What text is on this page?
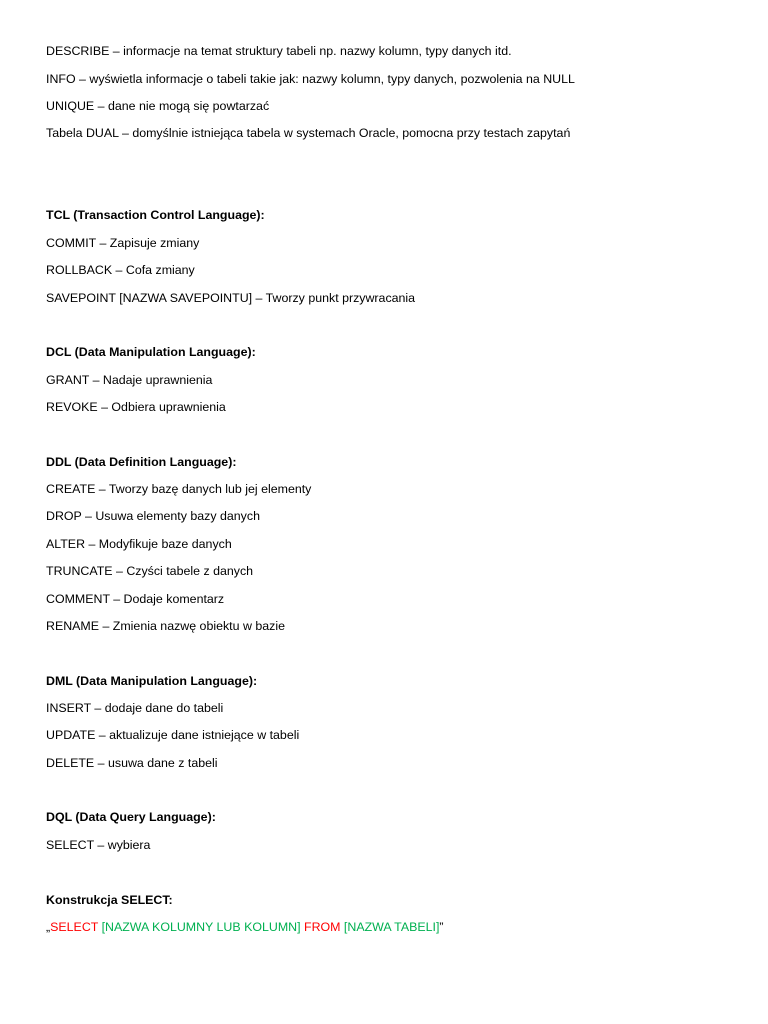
DESCRIBE – informacje na temat struktury tabeli np. nazwy kolumn, typy danych itd.
INFO – wyświetla informacje o tabeli takie jak: nazwy kolumn, typy danych, pozwolenia na NULL
UNIQUE – dane nie mogą się powtarzać
Tabela DUAL – domyślnie istniejąca tabela w systemach Oracle, pomocna przy testach zapytań
TCL (Transaction Control Language):
COMMIT – Zapisuje zmiany
ROLLBACK – Cofa zmiany
SAVEPOINT [NAZWA SAVEPOINTU] – Tworzy punkt przywracania
DCL (Data Manipulation Language):
GRANT – Nadaje uprawnienia
REVOKE – Odbiera uprawnienia
DDL (Data Definition Language):
CREATE – Tworzy bazę danych lub jej elementy
DROP – Usuwa elementy bazy danych
ALTER – Modyfikuje baze danych
TRUNCATE – Czyści tabele z danych
COMMENT – Dodaje komentarz
RENAME – Zmienia nazwę obiektu w bazie
DML (Data Manipulation Language):
INSERT – dodaje dane do tabeli
UPDATE – aktualizuje dane istniejące w tabeli
DELETE – usuwa dane z tabeli
DQL (Data Query Language):
SELECT – wybiera
Konstrukcja SELECT:
„SELECT [NAZWA KOLUMNY LUB KOLUMN] FROM [NAZWA TABELI]”
